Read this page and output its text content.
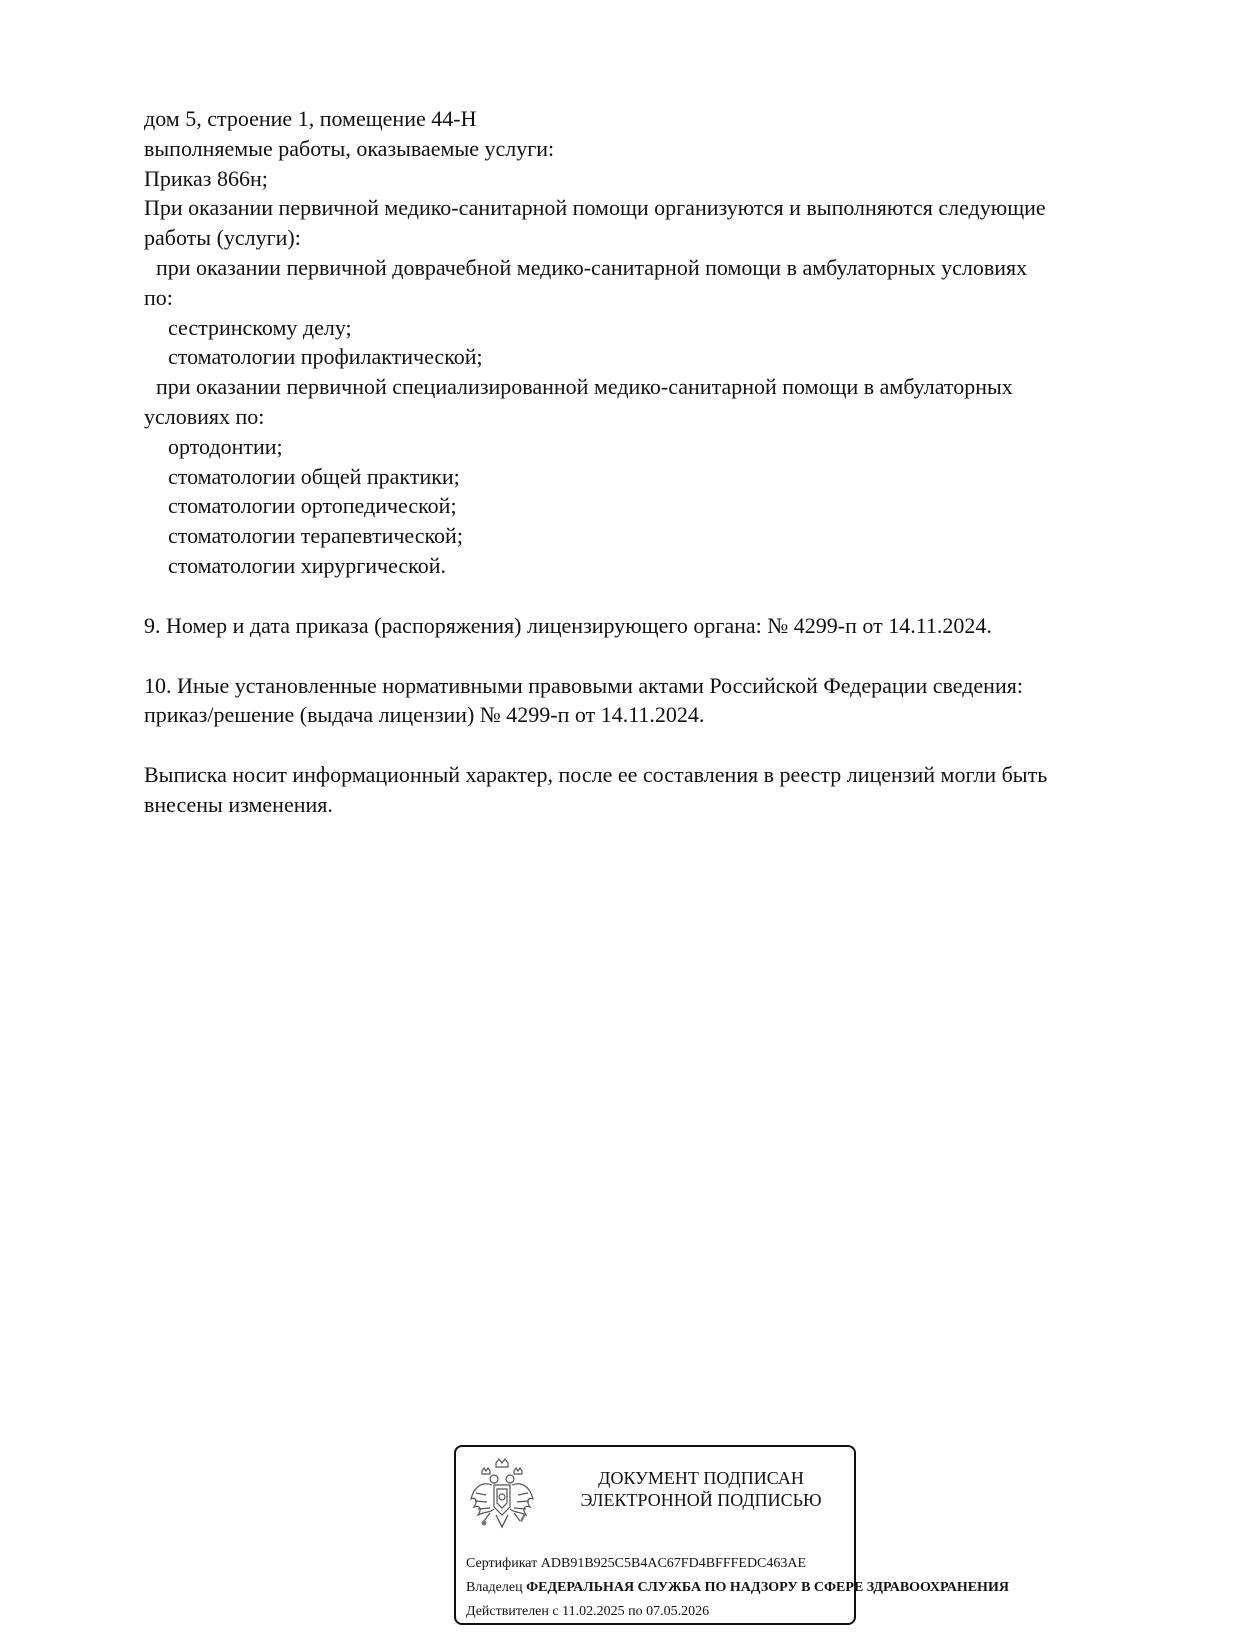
дом 5, строение 1, помещение 44-Н
выполняемые работы, оказываемые услуги:
Приказ 866н;
При оказании первичной медико-санитарной помощи организуются и выполняются следующие
работы (услуги):
при оказании первичной доврачебной медико-санитарной помощи в амбулаторных условиях
по:
сестринскому делу;
стоматологии профилактической;
при оказании первичной специализированной медико-санитарной помощи в амбулаторных
условиях по:
ортодонтии;
стоматологии общей практики;
стоматологии ортопедической;
стоматологии терапевтической;
стоматологии хирургической.
9. Номер и дата приказа (распоряжения) лицензирующего органа: № 4299-п от 14.11.2024.
10. Иные установленные нормативными правовыми актами Российской Федерации сведения:
приказ/решение (выдача лицензии) № 4299-п от 14.11.2024.
Выписка носит информационный характер, после ее составления в реестр лицензий могли быть
внесены изменения.
ДОКУМЕНТ ПОДПИСАН
ЭЛЕКТРОННОЙ ПОДПИСЬЮ
Сертификат ADB91B925C5B4AC67FD4BFFFEDC463AE
Владелец ФЕДЕРАЛЬНАЯ СЛУЖБА ПО НАДЗОРУ В СФЕРЕ ЗДРАВООХРАНЕНИЯ
Действителен с 11.02.2025 по 07.05.2026
